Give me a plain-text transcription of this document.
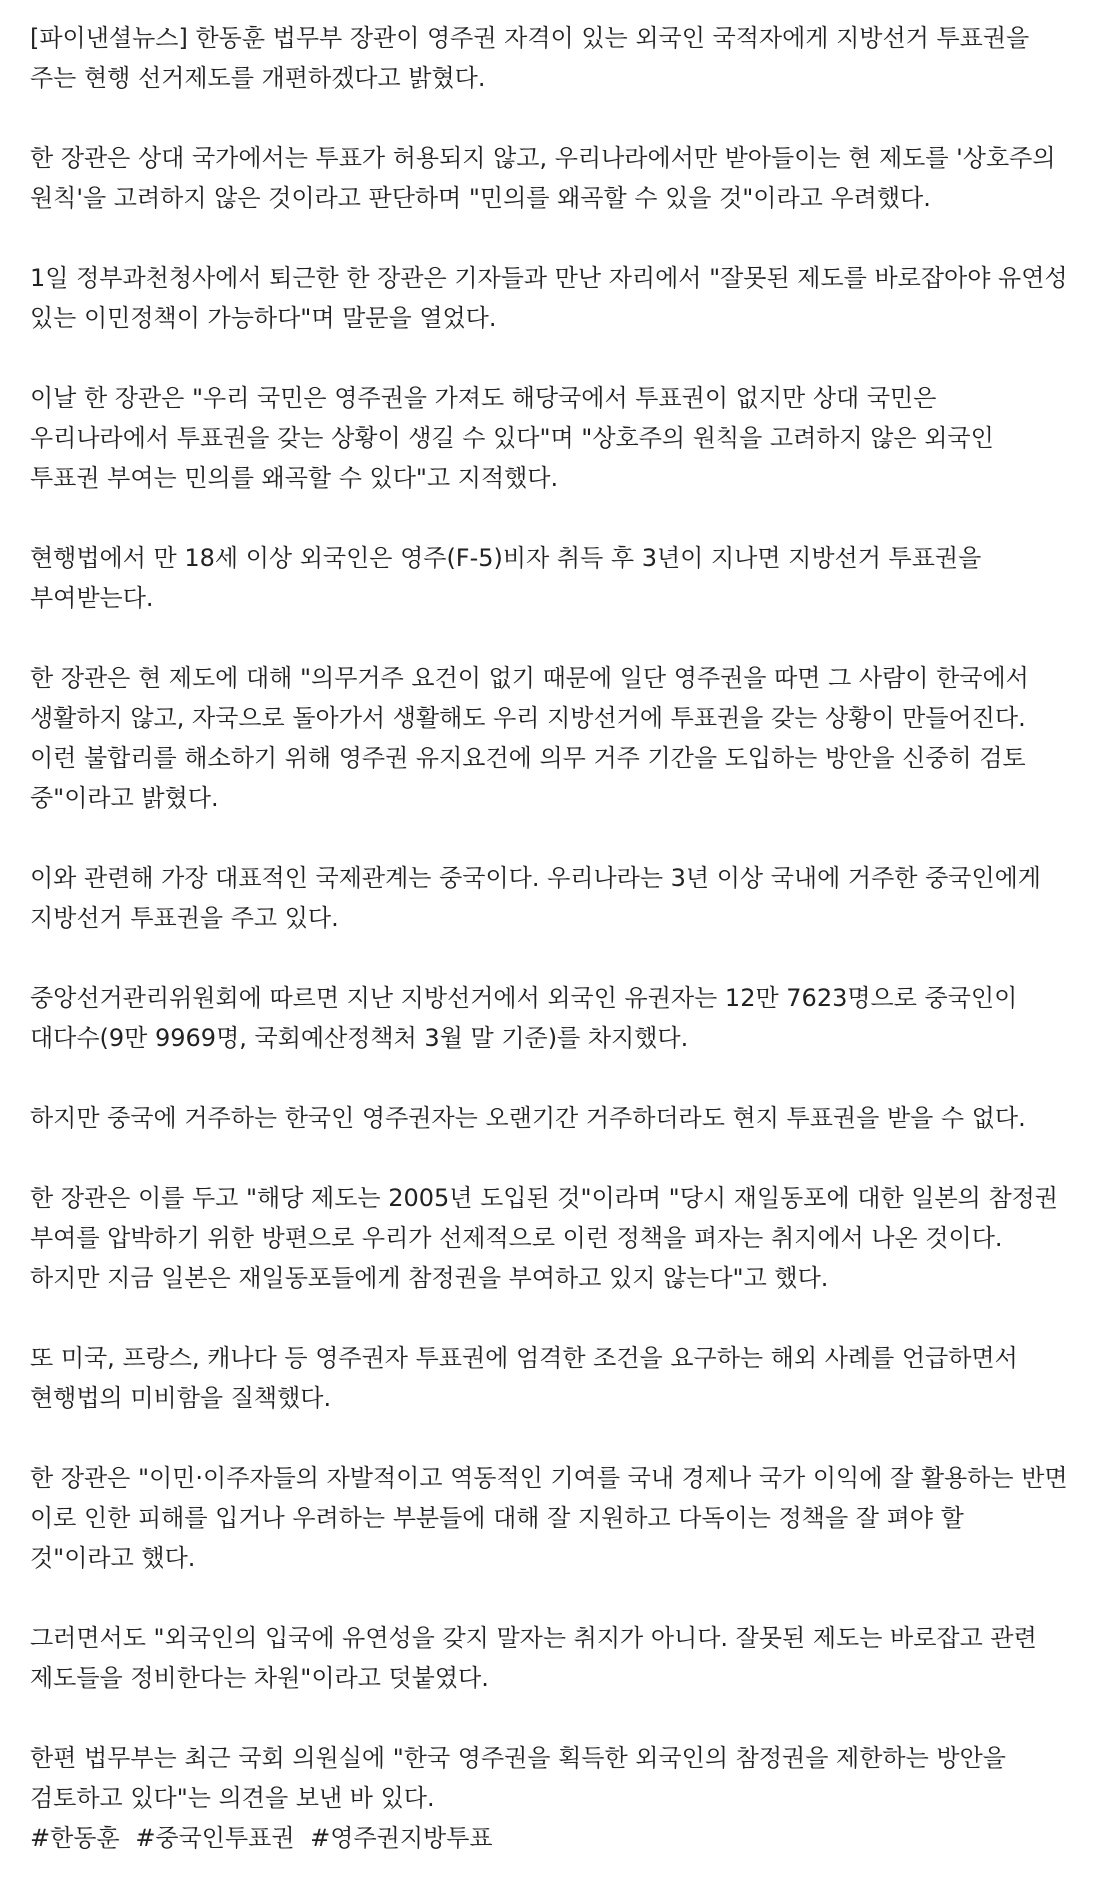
[파이낸셜뉴스] 한동훈 법무부 장관이 영주권 자격이 있는 외국인 국적자에게 지방선거 투표권을 주는 현행 선거제도를 개편하겠다고 밝혔다.

한 장관은 상대 국가에서는 투표가 허용되지 않고, 우리나라에서만 받아들이는 현 제도를 '상호주의 원칙'을 고려하지 않은 것이라고 판단하며 "민의를 왜곡할 수 있을 것"이라고 우려했다.

1일 정부과천청사에서 퇴근한 한 장관은 기자들과 만난 자리에서 "잘못된 제도를 바로잡아야 유연성 있는 이민정책이 가능하다"며 말문을 열었다.

이날 한 장관은 "우리 국민은 영주권을 가져도 해당국에서 투표권이 없지만 상대 국민은 우리나라에서 투표권을 갖는 상황이 생길 수 있다"며 "상호주의 원칙을 고려하지 않은 외국인 투표권 부여는 민의를 왜곡할 수 있다"고 지적했다.

현행법에서 만 18세 이상 외국인은 영주(F-5)비자 취득 후 3년이 지나면 지방선거 투표권을 부여받는다.

한 장관은 현 제도에 대해 "의무거주 요건이 없기 때문에 일단 영주권을 따면 그 사람이 한국에서 생활하지 않고, 자국으로 돌아가서 생활해도 우리 지방선거에 투표권을 갖는 상황이 만들어진다. 이런 불합리를 해소하기 위해 영주권 유지요건에 의무 거주 기간을 도입하는 방안을 신중히 검토 중"이라고 밝혔다.

이와 관련해 가장 대표적인 국제관계는 중국이다. 우리나라는 3년 이상 국내에 거주한 중국인에게 지방선거 투표권을 주고 있다.

중앙선거관리위원회에 따르면 지난 지방선거에서 외국인 유권자는 12만 7623명으로 중국인이 대다수(9만 9969명, 국회예산정책처 3월 말 기준)를 차지했다.

하지만 중국에 거주하는 한국인 영주권자는 오랜기간 거주하더라도 현지 투표권을 받을 수 없다.

한 장관은 이를 두고 "해당 제도는 2005년 도입된 것"이라며 "당시 재일동포에 대한 일본의 참정권 부여를 압박하기 위한 방편으로 우리가 선제적으로 이런 정책을 펴자는 취지에서 나온 것이다. 하지만 지금 일본은 재일동포들에게 참정권을 부여하고 있지 않는다"고 했다.

또 미국, 프랑스, 캐나다 등 영주권자 투표권에 엄격한 조건을 요구하는 해외 사례를 언급하면서 현행법의 미비함을 질책했다.

한 장관은 "이민·이주자들의 자발적이고 역동적인 기여를 국내 경제나 국가 이익에 잘 활용하는 반면 이로 인한 피해를 입거나 우려하는 부분들에 대해 잘 지원하고 다독이는 정책을 잘 펴야 할 것"이라고 했다.

그러면서도 "외국인의 입국에 유연성을 갖지 말자는 취지가 아니다. 잘못된 제도는 바로잡고 관련 제도들을 정비한다는 차원"이라고 덧붙였다.

한편 법무부는 최근 국회 의원실에 "한국 영주권을 획득한 외국인의 참정권을 제한하는 방안을 검토하고 있다"는 의견을 보낸 바 있다.

#한동훈 #중국인투표권 #영주권지방투표
